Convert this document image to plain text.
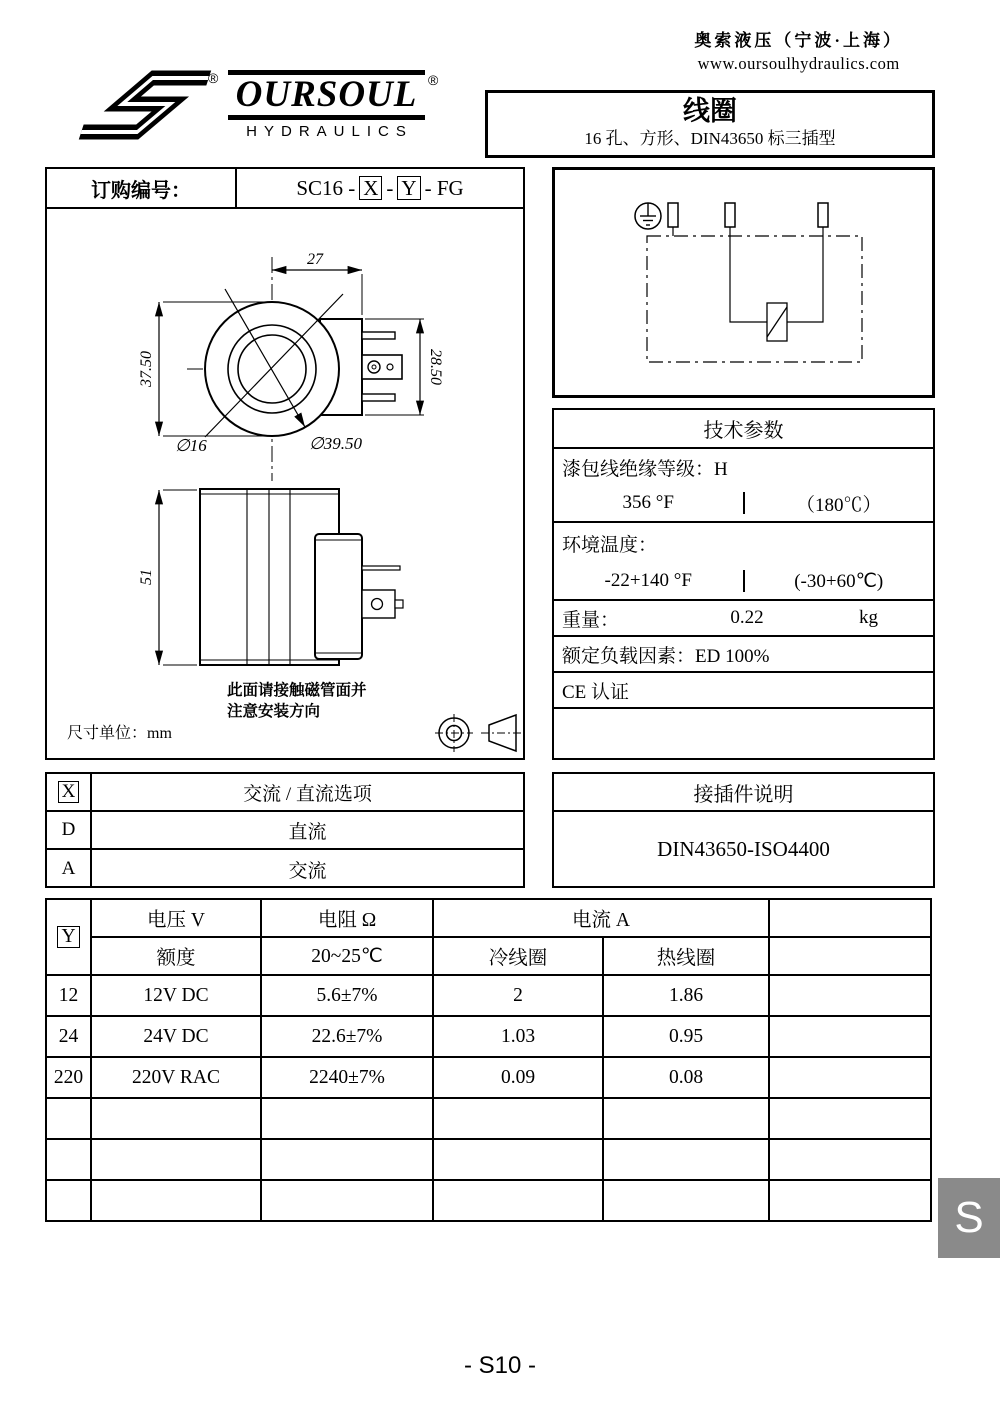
奥索液压（宁波·上海）
www.oursoulhydraulics.com
® OURSOUL
HYDRAULICS
®
线圈
16 孔、方形、DIN43650 标三插型
订购编号：	SC16 - X - Y - FG
27
37.50	28.50
∅16	∅39.50
51
此面请接触磁管面并
注意安装方向
尺寸单位：mm
技术参数
漆包线绝缘等级：H
356 °F	（180℃）
环境温度：
-22+140 °F	(-30+60℃)
重量：	0.22	kg
额定负载因素：ED 100%
CE 认证
X	交流 / 直流选项
D	直流
A	交流
接插件说明
DIN43650-ISO4400
Y	电压 V	电阻 Ω	电流 A		
	额度	20~25℃	冷线圈	热线圈	
12	12V DC	5.6±7%	2	1.86	
24	24V DC	22.6±7%	1.03	0.95	
220	220V RAC	2240±7%	0.09	0.08	

S
- S10 -
